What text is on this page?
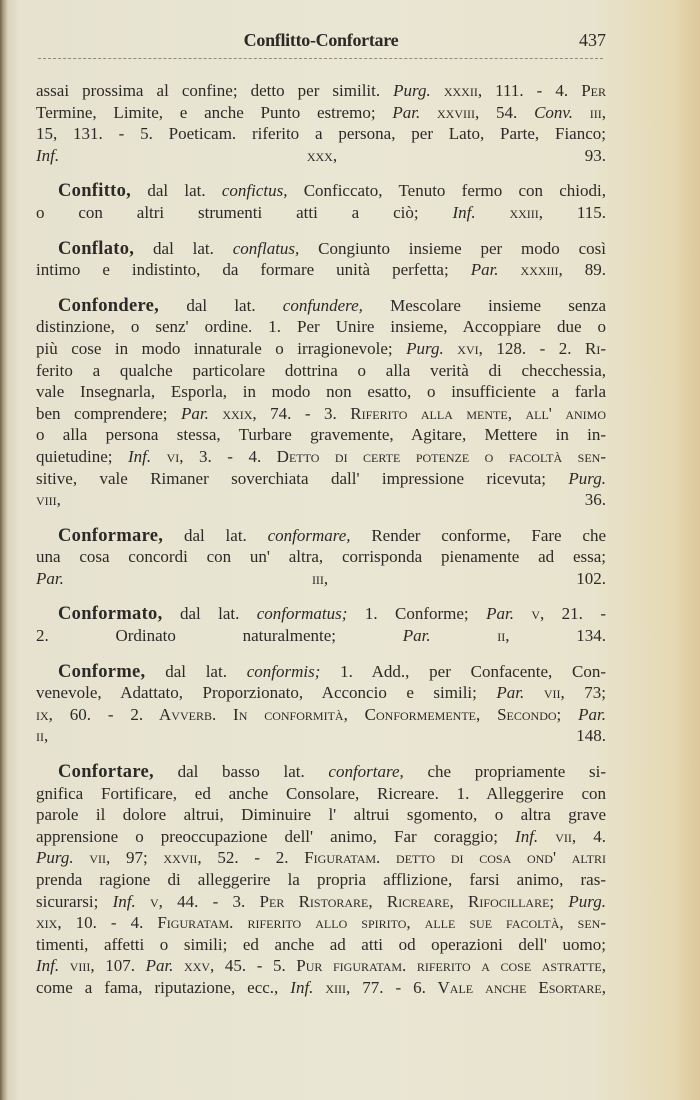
Conflitto-Confortare	437
assai prossima al confine; detto per similit. Purg. xxxii, 111. - 4. Per
Termine, Limite, e anche Punto estremo; Par. xxviii, 54. Conv. iii,
15, 131. - 5. Poeticam. riferito a persona, per Lato, Parte, Fianco;
Inf. xxx, 93.
Confitto, dal lat. confictus, Conficcato, Tenuto fermo con chiodi,
o con altri strumenti atti a ciò; Inf. xxiii, 115.
Conflato, dal lat. conflatus, Congiunto insieme per modo così
intimo e indistinto, da formare unità perfetta; Par. xxxiii, 89.
Confondere, dal lat. confundere, Mescolare insieme senza
distinzione, o senz' ordine. 1. Per Unire insieme, Accoppiare due o
più cose in modo innaturale o irragionevole; Purg. xvi, 128. - 2. Ri-
ferito a qualche particolare dottrina o alla verità di checchessia,
vale Insegnarla, Esporla, in modo non esatto, o insufficiente a farla
ben comprendere; Par. xxix, 74. - 3. Riferito alla mente, all' animo
o alla persona stessa, Turbare gravemente, Agitare, Mettere in in-
quietudine; Inf. vi, 3. - 4. Detto di certe potenze o facoltà sen-
sitive, vale Rimaner soverchiata dall' impressione ricevuta; Purg.
viii, 36.
Conformare, dal lat. conformare, Render conforme, Fare che
una cosa concordi con un' altra, corrisponda pienamente ad essa;
Par. iii, 102.
Conformato, dal lat. conformatus; 1. Conforme; Par. v, 21. -
2. Ordinato naturalmente; Par. ii, 134.
Conforme, dal lat. conformis; 1. Add., per Confacente, Con-
venevole, Adattato, Proporzionato, Acconcio e simili; Par. vii, 73;
ix, 60. - 2. Avverb. In conformità, Conformemente, Secondo; Par.
ii, 148.
Confortare, dal basso lat. confortare, che propriamente si-
gnifica Fortificare, ed anche Consolare, Ricreare. 1. Alleggerire con
parole il dolore altrui, Diminuire l' altrui sgomento, o altra grave
apprensione o preoccupazione dell' animo, Far coraggio; Inf. vii, 4.
Purg. vii, 97; xxvii, 52. - 2. Figuratam. detto di cosa ond' altri
prenda ragione di alleggerire la propria afflizione, farsi animo, ras-
sicurarsi; Inf. v, 44. - 3. Per Ristorare, Ricreare, Rifocillare; Purg.
xix, 10. - 4. Figuratam. riferito allo spirito, alle sue facoltà, sen-
timenti, affetti o simili; ed anche ad atti od operazioni dell' uomo;
Inf. viii, 107. Par. xxv, 45. - 5. Pur figuratam. riferito a cose astratte,
come a fama, riputazione, ecc., Inf. xiii, 77. - 6. Vale anche Esortare,
